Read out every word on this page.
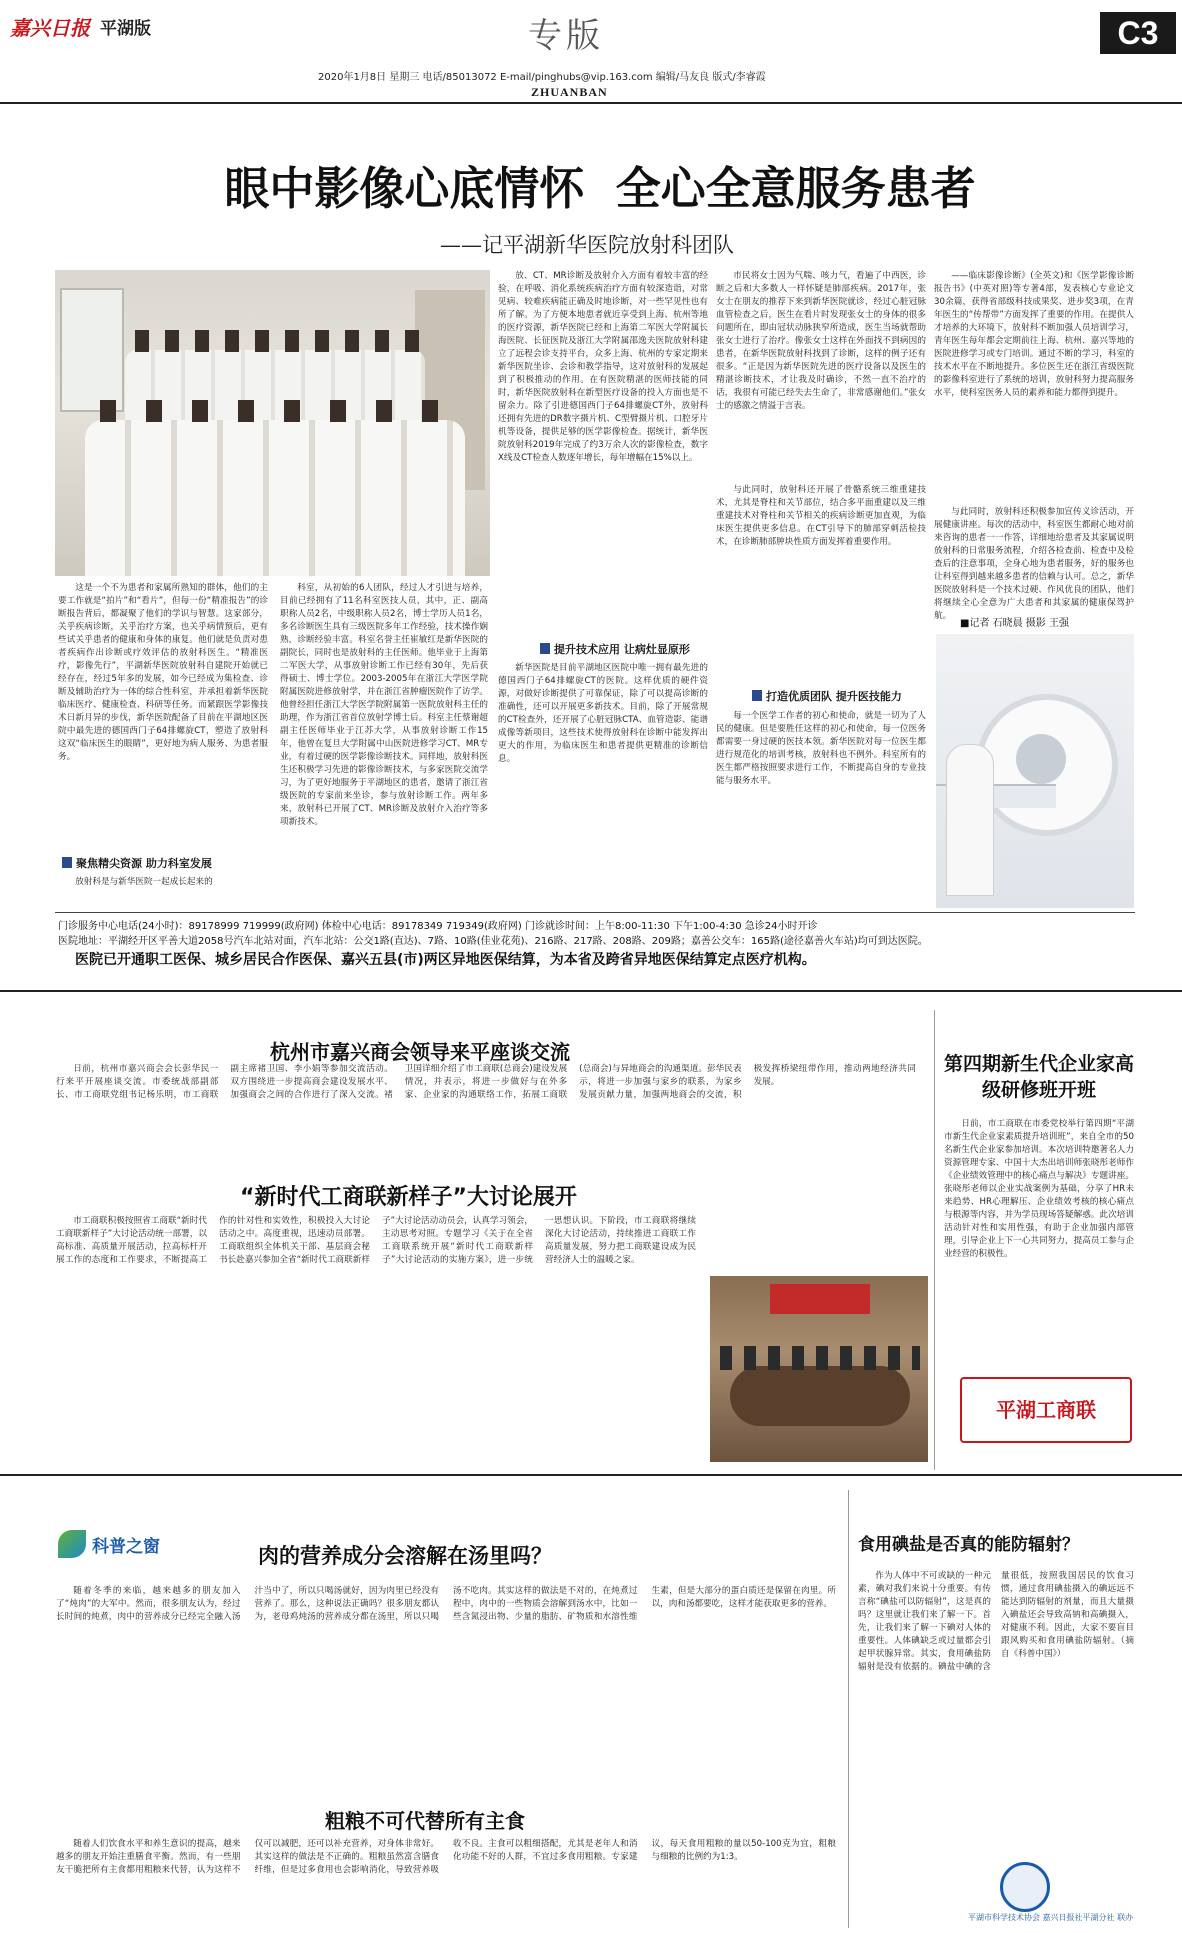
嘉兴日报 平湖版	专版	C3
2020年1月8日 星期三 电话/85013072 E-mail/pinghubs@vip.163.com 编辑/马友良 版式/李睿霞
ZHUANBAN
眼中影像心底情怀  全心全意服务患者
——记平湖新华医院放射科团队

这是一个不为患者和家属所熟知的群体，他们的主要工作就是“拍片”和“看片”，但每一份“精准报告”的诊断报告背后，都凝聚了他们的学识与智慧。这家部分，关乎疾病诊断，关乎治疗方案，也关乎病情预后，更有些试关乎患者的健康和身体的康复。他们就是负责对患者疾病作出诊断或疗效评估的放射科医生。“精准医疗，影像先行”，平湖新华医院放射科自建院开始就已经存在，经过5年多的发展，如今已经成为集检查、诊断及辅助治疗为一体的综合性科室，并承担着新华医院临床医疗、健康检查、科研等任务。而紧跟医学影像技术日新月异的步伐，新华医院配备了目前在平湖地区医院中最先进的德国西门子64排螺旋CT，塑造了放射科这双“临床医生的眼睛”，更好地为病人服务、为患者服务。

聚焦精尖资源 助力科室发展

放射科是与新华医院一起成长起来的

科室，从初始的6人团队，经过人才引进与培养，目前已经拥有了11名科室医技人员，其中，正、副高职称人员2名，中级职称人员2名，博士学历人员1名，多名诊断医生具有三级医院多年工作经验，技术操作娴熟，诊断经验丰富。科室名誉主任崔敏红是新华医院的副院长，同时也是放射科的主任医师。他毕业于上海第二军医大学，从事放射诊断工作已经有30年，先后获得硕士、博士学位。2003-2005年在浙江大学医学院附属医院进修放射学，并在浙江省肿瘤医院作了访学。他曾经担任浙江大学医学院附属第一医院放射科主任的助理，作为浙江省首位放射学博士后。科室主任蔡谢超副主任医师毕业于江苏大学，从事放射诊断工作15年，他曾在复旦大学附属中山医院进修学习CT、MR专业，有着过硬的医学影像诊断技术。同样地，放射科医生还积极学习先进的影像诊断技术，与多家医院交流学习，为了更好地服务于平湖地区的患者，邀请了浙江省级医院的专家前来坐诊，参与放射诊断工作。两年多来，放射科已开展了CT、MR诊断及放射介入治疗等多项新技术。

放、CT、MR诊断及放射介入方面有着较丰富的经验，在呼吸、消化系统疾病治疗方面有较深造诣，对常见病、较难疾病能正确及时地诊断，对一些罕见性也有所了解。为了方便本地患者就近享受到上海、杭州等地的医疗资源，新华医院已经和上海第二军医大学附属长海医院、长征医院及浙江大学附属邵逸夫医院放射科建立了远程会诊支持平台，众多上海、杭州的专家定期来新华医院坐诊、会诊和教学指导，这对放射科的发展起到了积极推动的作用。在有医院精湛的医师技能的同时，新华医院放射科在新型医疗设备的投入方面也是不留余力。除了引进德国西门子64排螺旋CT外，放射科还拥有先进的DR数字摄片机、C型臂摄片机、口腔牙片机等设备，提供足够的医学影像检查。据统计，新华医院放射科2019年完成了约3万余人次的影像检查，数字X线及CT检查人数逐年增长，每年增幅在15%以上。

提升技术应用 让病灶显原形

新华医院是目前平湖地区医院中唯一拥有最先进的德国西门子64排螺旋CT的医院。这样优质的硬件资源，对做好诊断提供了可靠保证，除了可以提高诊断的准确性，还可以开展更多新技术。目前，除了开展常规的CT检查外，还开展了心脏冠脉CTA、血管造影、能谱成像等新项目，这些技术使得放射科在诊断中能发挥出更大的作用，为临床医生和患者提供更精准的诊断信息。

市民将女士因为气喘、咳力气，看遍了中西医，诊断之后和大多数人一样怀疑是肺部疾病。2017年，张女士在朋友的推荐下来到新华医院就诊，经过心脏冠脉血管检查之后，医生在看片时发现张女士的身体的很多问题所在，即由冠状动脉狭窄所造成，医生当场就帮助张女士进行了治疗。像张女士这样在外面找不到病因的患者，在新华医院放射科找到了诊断，这样的例子还有很多。“正是因为新华医院先进的医疗设备以及医生的精湛诊断技术，才让我及时确诊，不然一直不治疗的话，我很有可能已经失去生命了，非常感谢他们。”张女士的感激之情溢于言表。

与此同时，放射科还开展了骨骼系统三维重建技术，尤其是脊柱和关节部位，结合多平面重建以及三维重建技术对脊柱和关节相关的疾病诊断更加直观，为临床医生提供更多信息。在CT引导下的肺部穿刺活检技术，在诊断肺部肿块性质方面发挥着重要作用。

打造优质团队 提升医技能力

每一个医学工作者的初心和使命，就是一切为了人民的健康。但是要胜任这样的初心和使命，每一位医务都需要一身过硬的医技本领。新华医院对每一位医生都进行规范化的培训考核，放射科也不例外。科室所有的医生都严格按照要求进行工作，不断提高自身的专业技能与服务水平。

——临床影像诊断》(全英文)和《医学影像诊断报告书》(中英对照)等专著4部，发表核心专业论文30余篇，获得省部级科技成果奖、进步奖3项，在青年医生的“传帮带”方面发挥了重要的作用。在提供人才培养的大环境下，放射科不断加强人员培训学习，青年医生每年都会定期前往上海、杭州、嘉兴等地的医院进修学习或专门培训。通过不断的学习，科室的技术水平在不断地提升。多位医生还在浙江省级医院的影像科室进行了系统的培训，放射科努力提高服务水平，使科室医务人员的素养和能力都得到提升。

与此同时，放射科还积极参加宣传义诊活动，开展健康讲座。每次的活动中，科室医生都耐心地对前来咨询的患者一一作答，详细地给患者及其家属说明放射科的日常服务流程，介绍各检查前、检查中及检查后的注意事项，全身心地为患者服务，好的服务也让科室得到越来越多患者的信赖与认可。总之，新华医院放射科是一个技术过硬、作风优良的团队，他们将继续全心全意为广大患者和其家属的健康保驾护航。

■记者 石晓晨 摄影 王强
门诊服务中心电话(24小时)：89178999 719999(政府网) 体检中心电话：89178349 719349(政府网) 门诊就诊时间：上午8:00-11:30 下午1:00-4:30 急诊24小时开诊
医院地址：平湖经开区平善大道2058号汽车北站对面，汽车北站：公交1路(直达)、7路、10路(佳业花苑)、216路、217路、208路、209路；嘉善公交车：165路(途径嘉善火车站)均可到达医院。
医院已开通职工医保、城乡居民合作医保、嘉兴五县(市)两区异地医保结算，为本省及跨省异地医保结算定点医疗机构。
杭州市嘉兴商会领导来平座谈交流

日前，杭州市嘉兴商会会长彭华民一行来平开展座谈交流。市委统战部副部长、市工商联党组书记杨乐明，市工商联副主席褚卫国、李小娟等参加交流活动。双方围绕进一步提高商会建设发展水平、加强商会之间的合作进行了深入交流。褚卫国详细介绍了市工商联(总商会)建设发展情况，并表示，将进一步做好与在外多家、企业家的沟通联络工作，拓展工商联(总商会)与异地商会的沟通渠道。彭华民表示，将进一步加强与家乡的联系，为家乡发展贡献力量，加强两地商会的交流，积极发挥桥梁纽带作用，推动两地经济共同发展。

“新时代工商联新样子”大讨论展开

市工商联积极按照省工商联“新时代工商联新样子”大讨论活动统一部署，以高标准、高质量开展活动，拉高标杆开展工作的态度和工作要求，不断提高工作的针对性和实效性，积极投入大讨论活动之中。高度重视，迅速动员部署。工商联组织全体机关干部、基层商会秘书长赴嘉兴参加全省“新时代工商联新样子”大讨论活动动员会，认真学习领会，主动思考对照。专题学习《关于在全省工商联系统开展“新时代工商联新样子”大讨论活动的实施方案》，进一步统一思想认识。下阶段，市工商联将继续深化大讨论活动，持续推进工商联工作高质量发展，努力把工商联建设成为民营经济人士的温暖之家。

第四期新生代企业家高级研修班开班

日前，市工商联在市委党校举行第四期“平湖市新生代企业家素质提升培训班”，来自全市的50名新生代企业家参加培训。本次培训特邀著名人力资源管理专家、中国十大杰出培训师张晓彤老师作《企业绩效管理中的核心痛点与解决》专题讲座。张晓彤老师以企业实战案例为基础，分享了HR未来趋势、HR心理解压、企业绩效考核的核心痛点与根源等内容，并为学员现场答疑解惑。此次培训活动针对性和实用性强，有助于企业加强内部管理，引导企业上下一心共同努力，提高员工参与企业经营的积极性。

平湖工商联
科普之窗	肉的营养成分会溶解在汤里吗？

随着冬季的来临，越来越多的朋友加入了“炖肉”的大军中。然而，很多朋友认为，经过长时间的炖煮，肉中的营养成分已经完全融入汤汁当中了，所以只喝汤就好，因为肉里已经没有营养了。那么，这种说法正确吗？很多朋友都认为，老母鸡炖汤的营养成分都在汤里，所以只喝汤不吃肉。其实这样的做法是不对的，在炖煮过程中，肉中的一些物质会溶解到汤水中，比如一些含氮浸出物、少量的脂肪、矿物质和水溶性维生素，但是大部分的蛋白质还是保留在肉里。所以，肉和汤都要吃，这样才能获取更多的营养。

粗粮不可代替所有主食

随着人们饮食水平和养生意识的提高，越来越多的朋友开始注重膳食平衡。然而，有一些朋友干脆把所有主食都用粗粮来代替，认为这样不仅可以减肥，还可以补充营养，对身体非常好。其实这样的做法是不正确的。粗粮虽然富含膳食纤维，但是过多食用也会影响消化，导致营养吸收不良。主食可以粗细搭配，尤其是老年人和消化功能不好的人群，不宜过多食用粗粮。专家建议，每天食用粗粮的量以50-100克为宜，粗粮与细粮的比例约为1:3。

食用碘盐是否真的能防辐射？

作为人体中不可或缺的一种元素，碘对我们来说十分重要。有传言称“碘盐可以防辐射”，这是真的吗？这里就让我们来了解一下。首先，让我们来了解一下碘对人体的重要性。人体碘缺乏或过量都会引起甲状腺异常。其实，食用碘盐防辐射是没有依据的。碘盐中碘的含量很低，按照我国居民的饮食习惯，通过食用碘盐摄入的碘远远不能达到防辐射的剂量，而且大量摄入碘盐还会导致高钠和高碘摄入，对健康不利。因此，大家不要盲目跟风购买和食用碘盐防辐射。（摘自《科普中国》）

平湖市科学技术协会 嘉兴日报社平湖分社 联办
